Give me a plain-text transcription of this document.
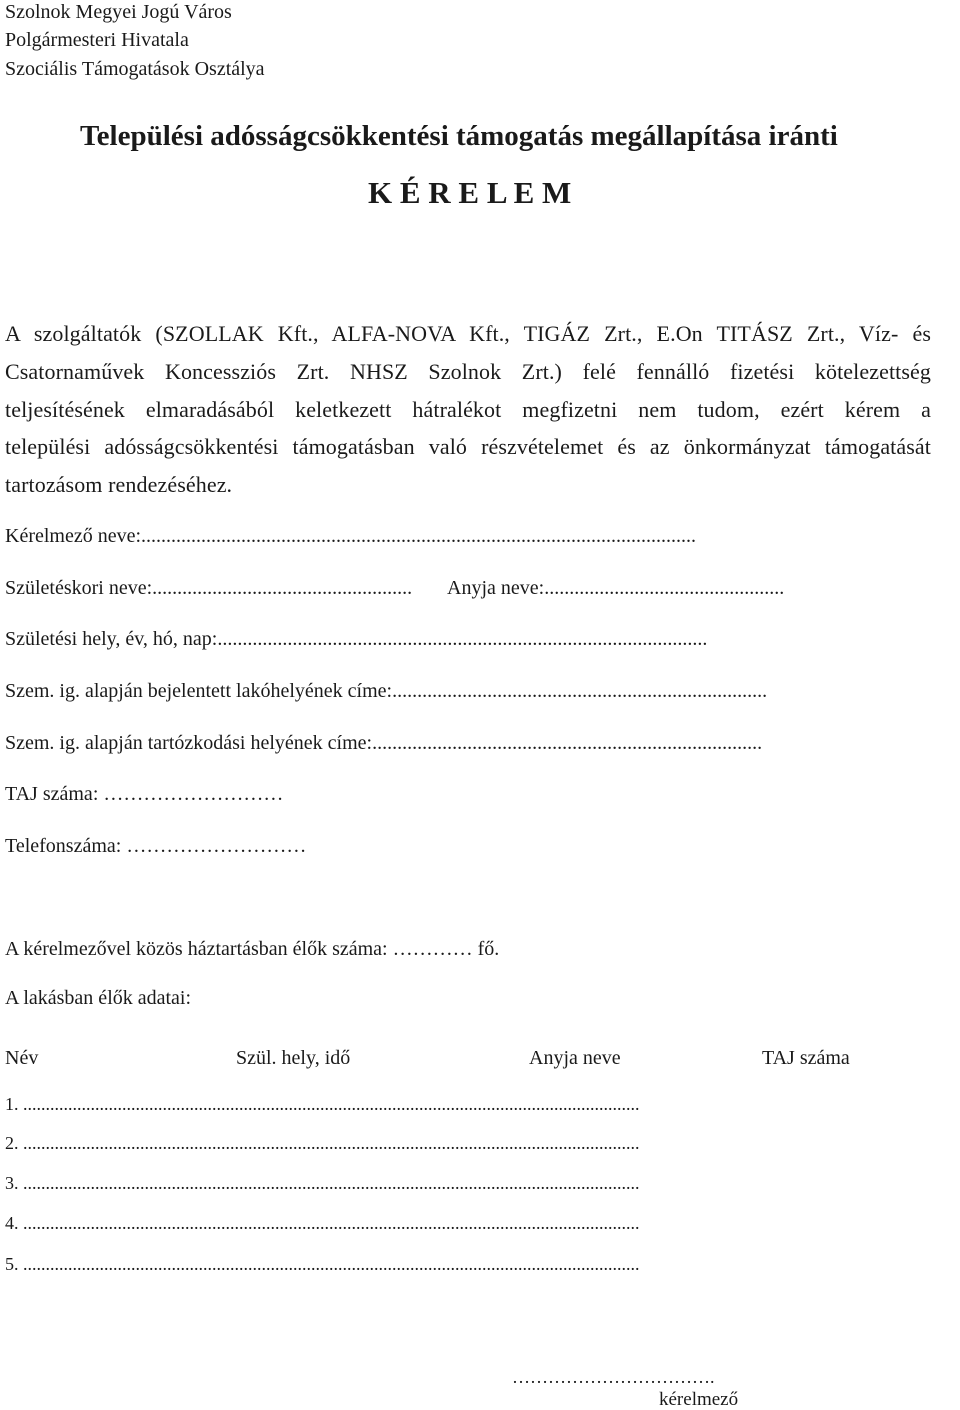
Szolnok Megyei Jogú Város
Polgármesteri Hivatala
Szociális Támogatások Osztálya
Települési adósságcsökkentési támogatás megállapítása iránti
K É R E L E M
A szolgáltatók (SZOLLAK Kft., ALFA-NOVA Kft., TIGÁZ Zrt., E.On TITÁSZ Zrt., Víz- és
Csatornaművek Koncessziós Zrt. NHSZ Szolnok Zrt.) felé fennálló fizetési kötelezettség
teljesítésének elmaradásából keletkezett hátralékot megfizetni nem tudom, ezért kérem a
települési adósságcsökkentési támogatásban való részvételemet és az önkormányzat támogatását
tartozásom rendezéséhez.
Kérelmező neve:...............................................................................................................
Születéskori neve:.................................................... Anyja neve:................................................
Születési hely, év, hó, nap:..................................................................................................
Szem. ig. alapján bejelentett lakóhelyének címe:...........................................................................
Szem. ig. alapján tartózkodási helyének címe:..............................................................................
TAJ száma: ………………………
Telefonszáma: ………………………
A kérelmezővel közös háztartásban élők száma: ………… fő.
A lakásban élők adatai:
Név	Szül. hely, idő	Anyja neve	TAJ száma
1. .........................................................................................................................................
2. .........................................................................................................................................
3. .........................................................................................................................................
4. .........................................................................................................................................
5. .........................................................................................................................................
…………………………….
kérelmező
